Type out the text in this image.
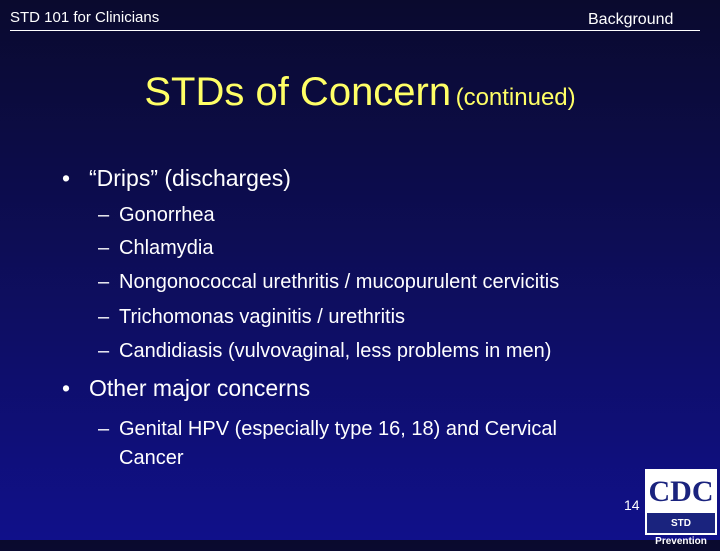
STD 101 for Clinicians	Background
STDs of Concern (continued)
• “Drips” (discharges)
– Gonorrhea
– Chlamydia
– Nongonococcal urethritis / mucopurulent cervicitis
– Trichomonas vaginitis / urethritis
– Candidiasis (vulvovaginal, less problems in men)
• Other major concerns
– Genital HPV (especially type 16, 18) and Cervical
Cancer
14 CDC
STD Prevention
